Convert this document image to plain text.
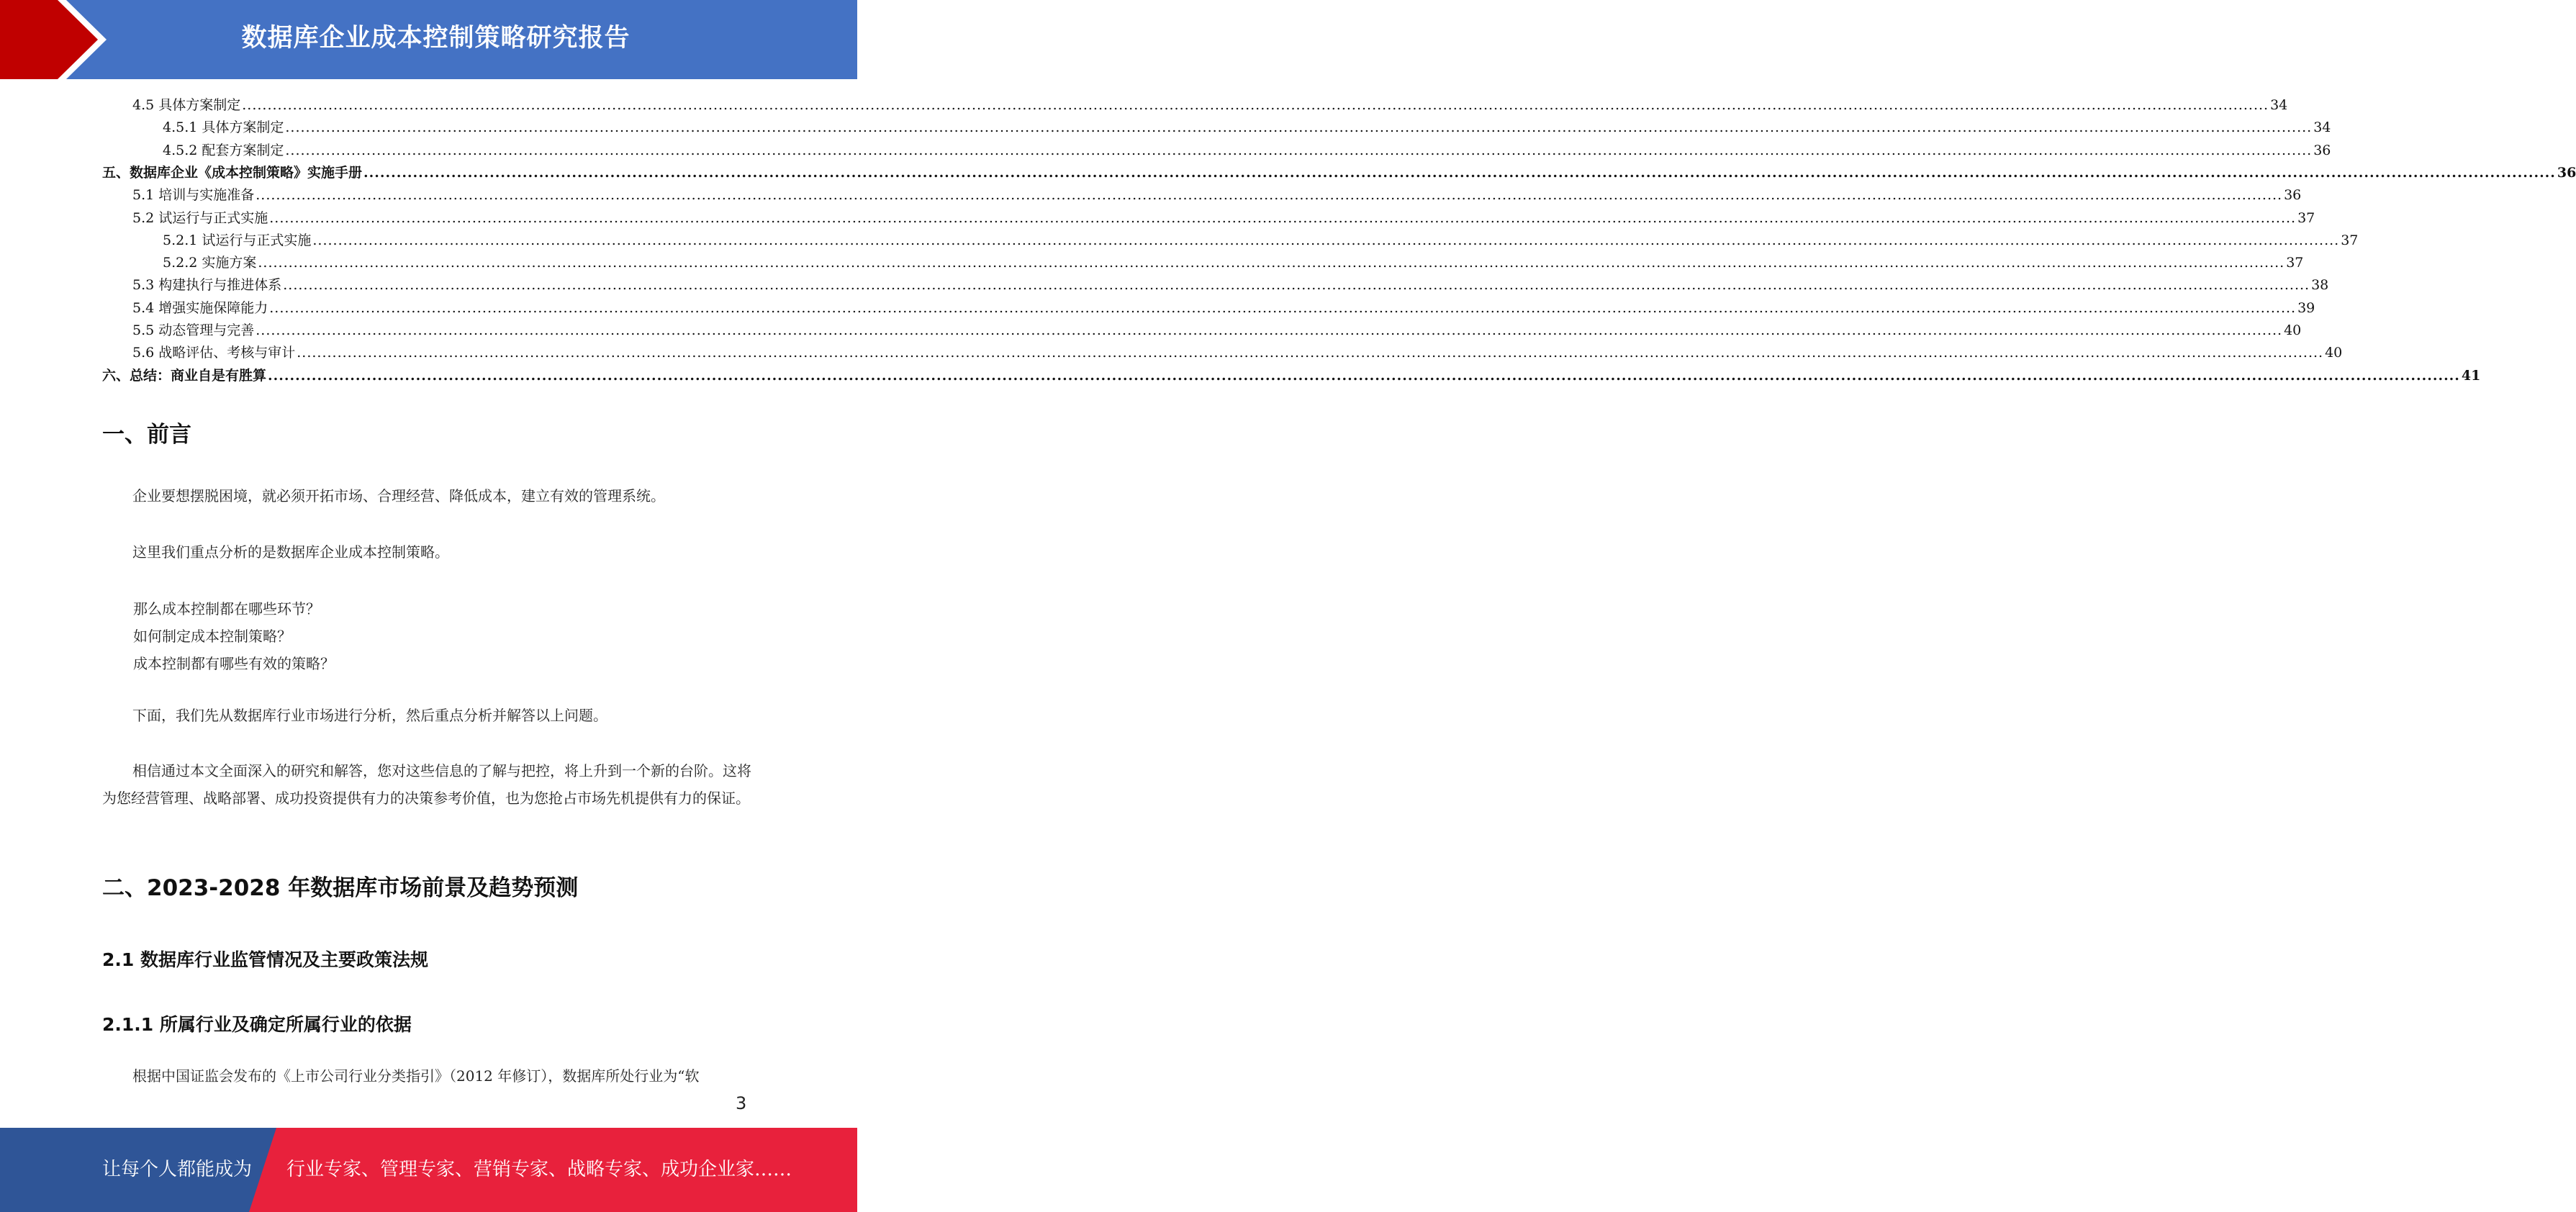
数据库企业成本控制策略研究报告
4.5 具体方案制定 ................................................................................................................................................................................................................................................................................................................................................................................................................ 34
4.5.1 具体方案制定 ................................................................................................................................................................................................................................................................................................................................................................................................................ 34
4.5.2 配套方案制定 ................................................................................................................................................................................................................................................................................................................................................................................................................ 36
五、数据库企业《成本控制策略》实施手册 ................................................................................................................................................................................................................................................................................................................................................................................................................ 36
5.1 培训与实施准备 ................................................................................................................................................................................................................................................................................................................................................................................................................ 36
5.2 试运行与正式实施 ................................................................................................................................................................................................................................................................................................................................................................................................................ 37
5.2.1 试运行与正式实施 ................................................................................................................................................................................................................................................................................................................................................................................................................ 37
5.2.2 实施方案 ................................................................................................................................................................................................................................................................................................................................................................................................................ 37
5.3 构建执行与推进体系 ................................................................................................................................................................................................................................................................................................................................................................................................................ 38
5.4 增强实施保障能力 ................................................................................................................................................................................................................................................................................................................................................................................................................ 39
5.5 动态管理与完善 ................................................................................................................................................................................................................................................................................................................................................................................................................ 40
5.6 战略评估、考核与审计 ................................................................................................................................................................................................................................................................................................................................................................................................................ 40
六、总结：商业自是有胜算 ................................................................................................................................................................................................................................................................................................................................................................................................................ 41
一、前言
企业要想摆脱困境，就必须开拓市场、合理经营、降低成本，建立有效的管理系统。
这里我们重点分析的是数据库企业成本控制策略。
那么成本控制都在哪些环节？
如何制定成本控制策略？
成本控制都有哪些有效的策略？
下面，我们先从数据库行业市场进行分析，然后重点分析并解答以上问题。
相信通过本文全面深入的研究和解答，您对这些信息的了解与把控，将上升到一个新的台阶。这将为您经营管理、战略部署、成功投资提供有力的决策参考价值，也为您抢占市场先机提供有力的保证。
二、2023-2028 年数据库市场前景及趋势预测
2.1 数据库行业监管情况及主要政策法规
2.1.1 所属行业及确定所属行业的依据
根据中国证监会发布的《上市公司行业分类指引》（2012 年修订），数据库所处行业为“软
3
让每个人都能成为 行业专家、管理专家、营销专家、战略专家、成功企业家……
